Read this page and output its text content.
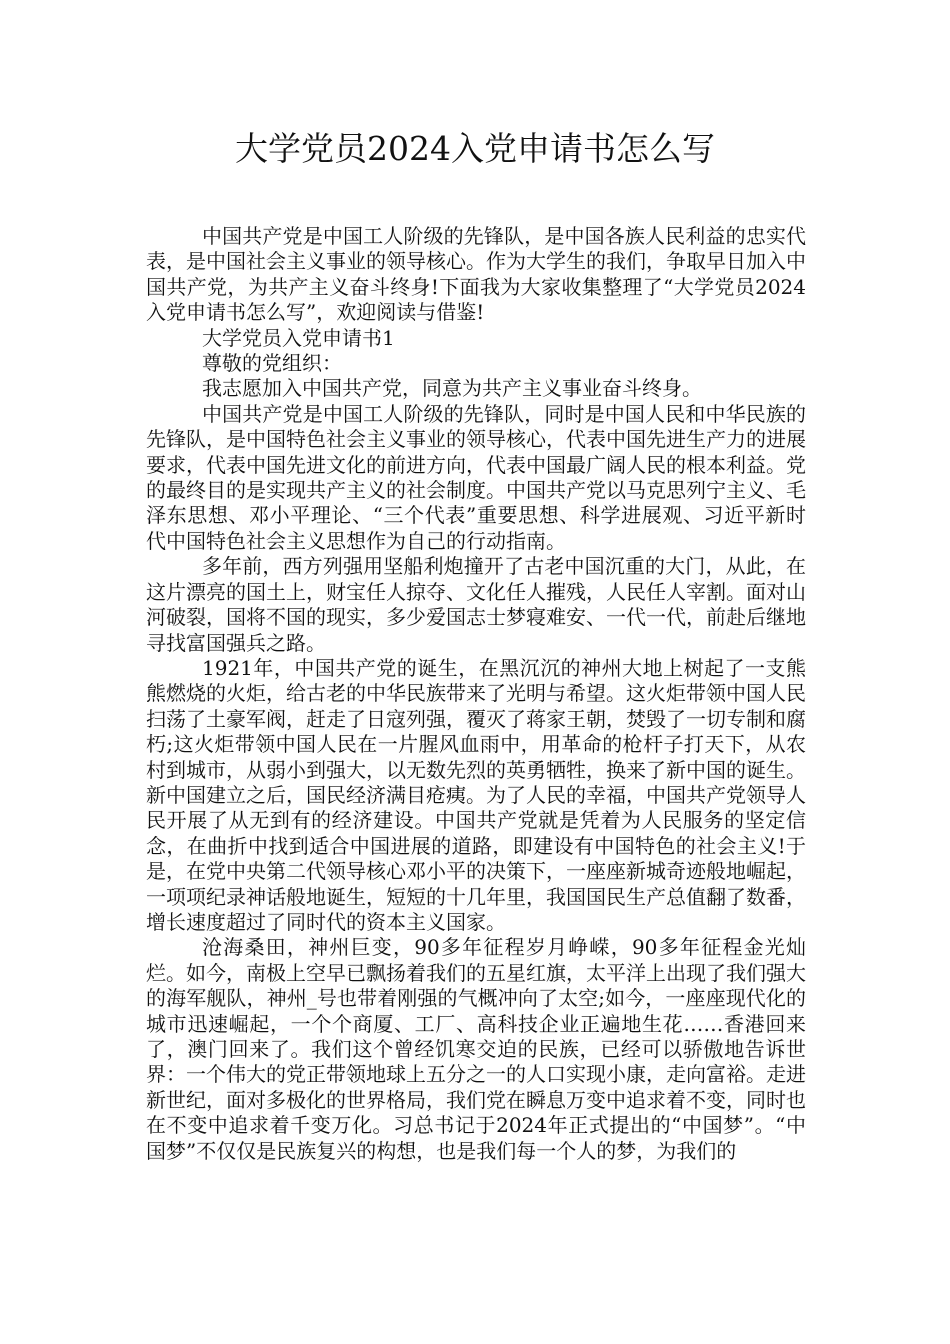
大学党员2024入党申请书怎么写

中国共产党是中国工人阶级的先锋队，是中国各族人民利益的忠实代表，是中国社会主义事业的领导核心。作为大学生的我们，争取早日加入中国共产党，为共产主义奋斗终身!下面我为大家收集整理了“大学党员2024入党申请书怎么写”，欢迎阅读与借鉴!

大学党员入党申请书1

尊敬的党组织：

我志愿加入中国共产党，同意为共产主义事业奋斗终身。

中国共产党是中国工人阶级的先锋队，同时是中国人民和中华民族的先锋队，是中国特色社会主义事业的领导核心，代表中国先进生产力的进展要求，代表中国先进文化的前进方向，代表中国最广阔人民的根本利益。党的最终目的是实现共产主义的社会制度。中国共产党以马克思列宁主义、毛泽东思想、邓小平理论、“三个代表”重要思想、科学进展观、习近平新时代中国特色社会主义思想作为自己的行动指南。

多年前，西方列强用坚船利炮撞开了古老中国沉重的大门，从此，在这片漂亮的国土上，财宝任人掠夺、文化任人摧残，人民任人宰割。面对山河破裂，国将不国的现实，多少爱国志士梦寝难安、一代一代，前赴后继地寻找富国强兵之路。

1921年，中国共产党的诞生，在黑沉沉的神州大地上树起了一支熊熊燃烧的火炬，给古老的中华民族带来了光明与希望。这火炬带领中国人民扫荡了土豪军阀，赶走了日寇列强，覆灭了蒋家王朝，焚毁了一切专制和腐朽;这火炬带领中国人民在一片腥风血雨中，用革命的枪杆子打天下，从农村到城市，从弱小到强大，以无数先烈的英勇牺牲，换来了新中国的诞生。新中国建立之后，国民经济满目疮痍。为了人民的幸福，中国共产党领导人民开展了从无到有的经济建设。中国共产党就是凭着为人民服务的坚定信念，在曲折中找到适合中国进展的道路，即建设有中国特色的社会主义!于是，在党中央第二代领导核心邓小平的决策下，一座座新城奇迹般地崛起，一项项纪录神话般地诞生，短短的十几年里，我国国民生产总值翻了数番，增长速度超过了同时代的资本主义国家。

沧海桑田，神州巨变，90多年征程岁月峥嵘，90多年征程金光灿烂。如今，南极上空早已飘扬着我们的五星红旗，太平洋上出现了我们强大的海军舰队，神州_号也带着刚强的气概冲向了太空;如今，一座座现代化的城市迅速崛起，一个个商厦、工厂、高科技企业正遍地生花……香港回来了，澳门回来了。我们这个曾经饥寒交迫的民族，已经可以骄傲地告诉世界：一个伟大的党正带领地球上五分之一的人口实现小康，走向富裕。走进新世纪，面对多极化的世界格局，我们党在瞬息万变中追求着不变，同时也在不变中追求着千变万化。习总书记于2024年正式提出的“中国梦”。“中国梦”不仅仅是民族复兴的构想，也是我们每一个人的梦，为我们的
